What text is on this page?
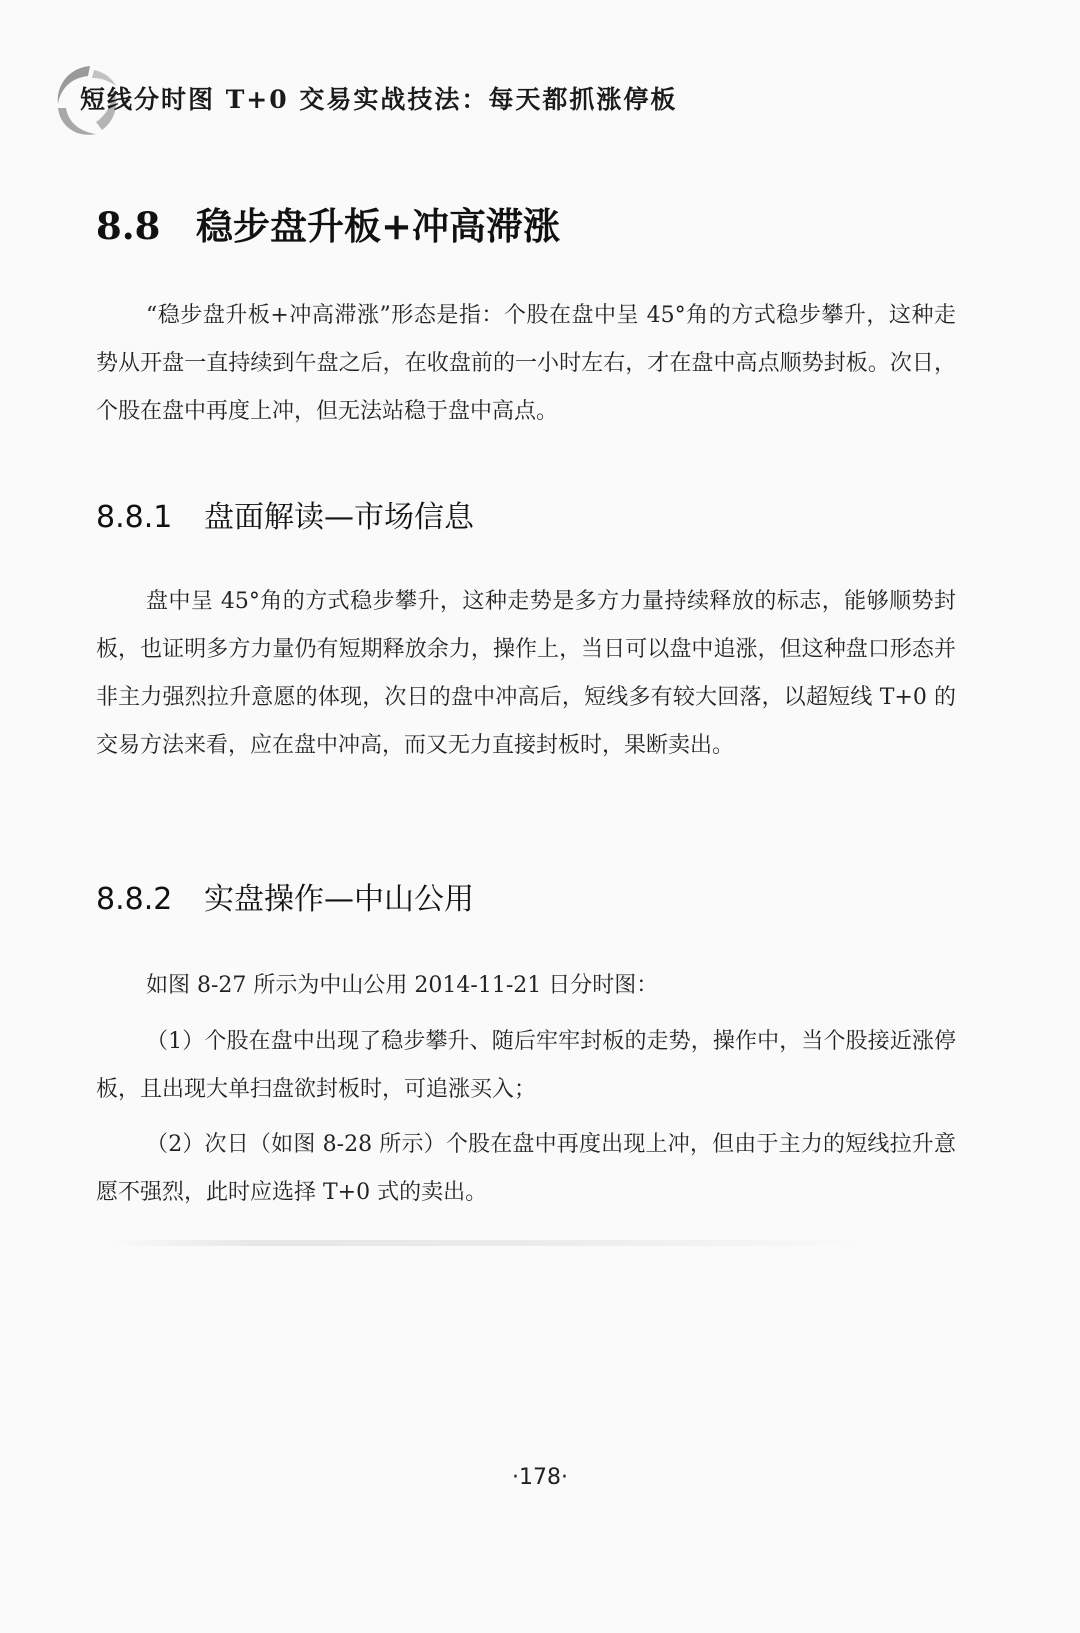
短线分时图 T+0 交易实战技法：每天都抓涨停板
8.8 稳步盘升板+冲高滞涨

“稳步盘升板+冲高滞涨”形态是指：个股在盘中呈 45°角的方式稳步攀升，这种走势从开盘一直持续到午盘之后，在收盘前的一小时左右，才在盘中高点顺势封板。次日，个股在盘中再度上冲，但无法站稳于盘中高点。

8.8.1 盘面解读—市场信息

盘中呈 45°角的方式稳步攀升，这种走势是多方力量持续释放的标志，能够顺势封板，也证明多方力量仍有短期释放余力，操作上，当日可以盘中追涨，但这种盘口形态并非主力强烈拉升意愿的体现，次日的盘中冲高后，短线多有较大回落，以超短线 T+0 的交易方法来看，应在盘中冲高，而又无力直接封板时，果断卖出。

8.8.2 实盘操作—中山公用

如图 8-27 所示为中山公用 2014-11-21 日分时图：

（1）个股在盘中出现了稳步攀升、随后牢牢封板的走势，操作中，当个股接近涨停板，且出现大单扫盘欲封板时，可追涨买入；

（2）次日（如图 8-28 所示）个股在盘中再度出现上冲，但由于主力的短线拉升意愿不强烈，此时应选择 T+0 式的卖出。

·178·
